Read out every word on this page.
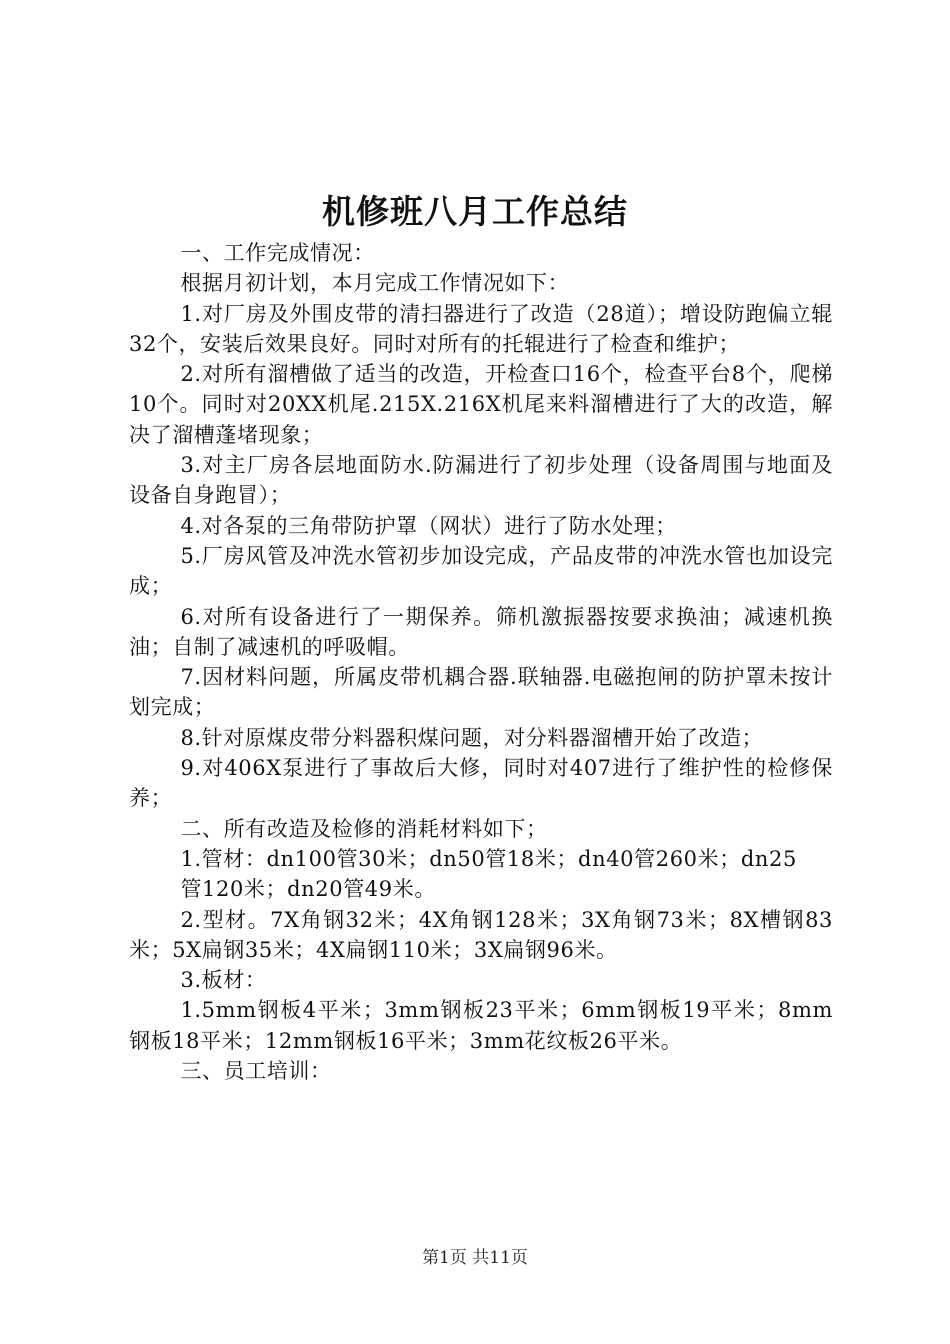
机修班八月工作总结

一、工作完成情况：

根据月初计划，本月完成工作情况如下：

1.对厂房及外围皮带的清扫器进行了改造（28道）；增设防跑偏立辊32个，安装后效果良好。同时对所有的托辊进行了检查和维护；

2.对所有溜槽做了适当的改造，开检查口16个，检查平台8个，爬梯10个。同时对20XX机尾.215X.216X机尾来料溜槽进行了大的改造，解决了溜槽蓬堵现象；

3.对主厂房各层地面防水.防漏进行了初步处理（设备周围与地面及设备自身跑冒）；

4.对各泵的三角带防护罩（网状）进行了防水处理；

5.厂房风管及冲洗水管初步加设完成，产品皮带的冲洗水管也加设完成；

6.对所有设备进行了一期保养。筛机激振器按要求换油；减速机换油；自制了减速机的呼吸帽。

7.因材料问题，所属皮带机耦合器.联轴器.电磁抱闸的防护罩未按计划完成；

8.针对原煤皮带分料器积煤问题，对分料器溜槽开始了改造；

9.对406X泵进行了事故后大修，同时对407进行了维护性的检修保养；

二、所有改造及检修的消耗材料如下；

1.管材：dn100管30米；dn50管18米；dn40管260米；dn25

管120米；dn20管49米。

2.型材。7X角钢32米；4X角钢128米；3X角钢73米；8X槽钢83米；5X扁钢35米；4X扁钢110米；3X扁钢96米。

3.板材：

1.5mm钢板4平米；3mm钢板23平米；6mm钢板19平米；8mm钢板18平米；12mm钢板16平米；3mm花纹板26平米。

三、员工培训：

第1页 共11页
